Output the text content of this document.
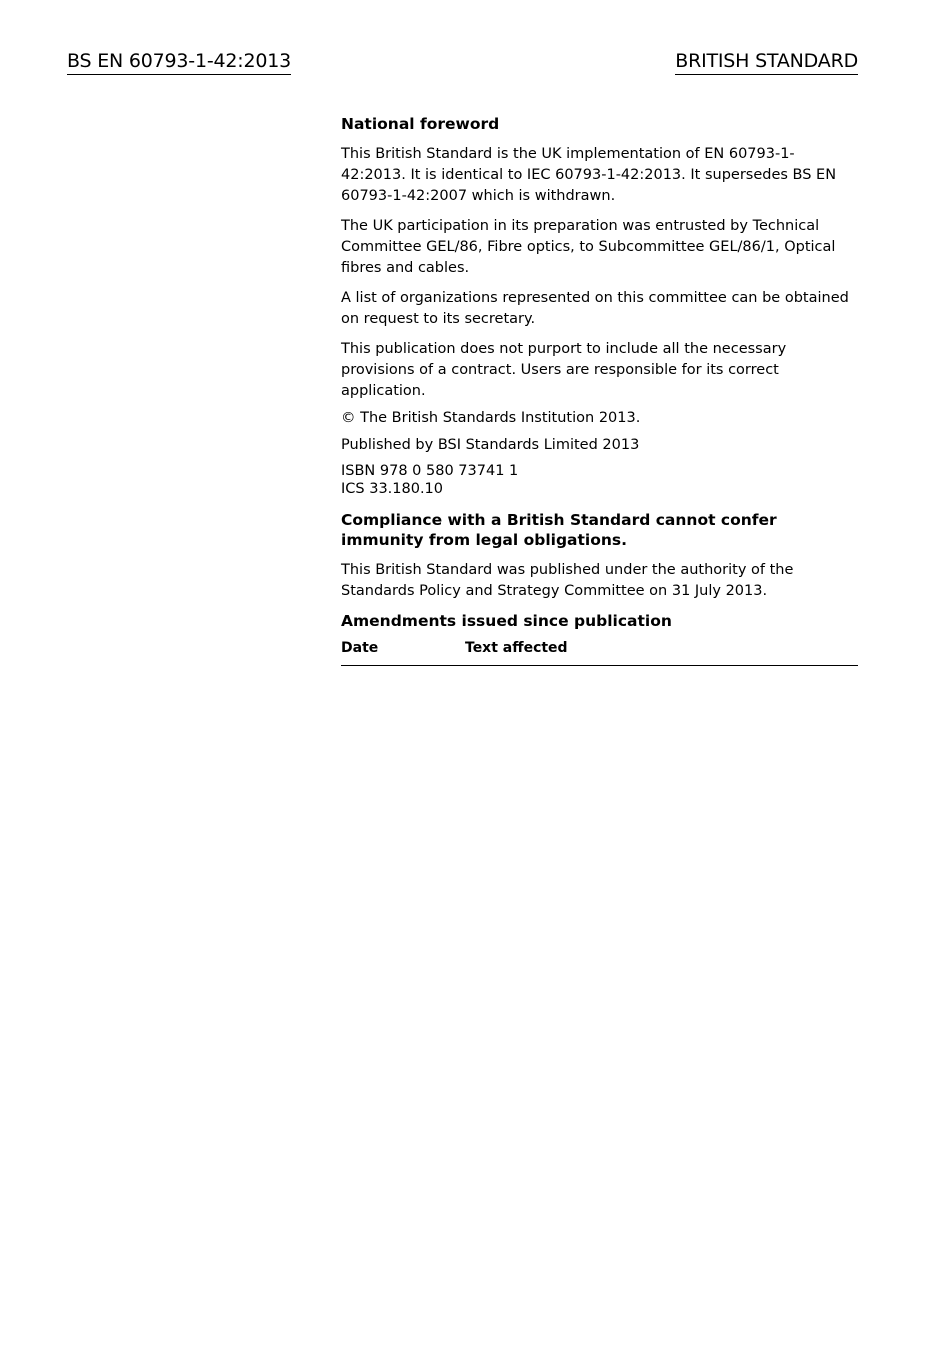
BS EN 60793-1-42:2013	BRITISH STANDARD
National foreword
This British Standard is the UK implementation of EN 60793-1-42:2013. It is identical to IEC 60793-1-42:2013. It supersedes BS EN 60793-1-42:2007 which is withdrawn.
The UK participation in its preparation was entrusted by Technical Committee GEL/86, Fibre optics, to Subcommittee GEL/86/1, Optical fibres and cables.
A list of organizations represented on this committee can be obtained on request to its secretary.
This publication does not purport to include all the necessary provisions of a contract. Users are responsible for its correct application.
© The British Standards Institution 2013.
Published by BSI Standards Limited 2013
ISBN 978 0 580 73741 1
ICS 33.180.10
Compliance with a British Standard cannot confer immunity from legal obligations.
This British Standard was published under the authority of the Standards Policy and Strategy Committee on 31 July 2013.
Amendments issued since publication
Date	Text affected
